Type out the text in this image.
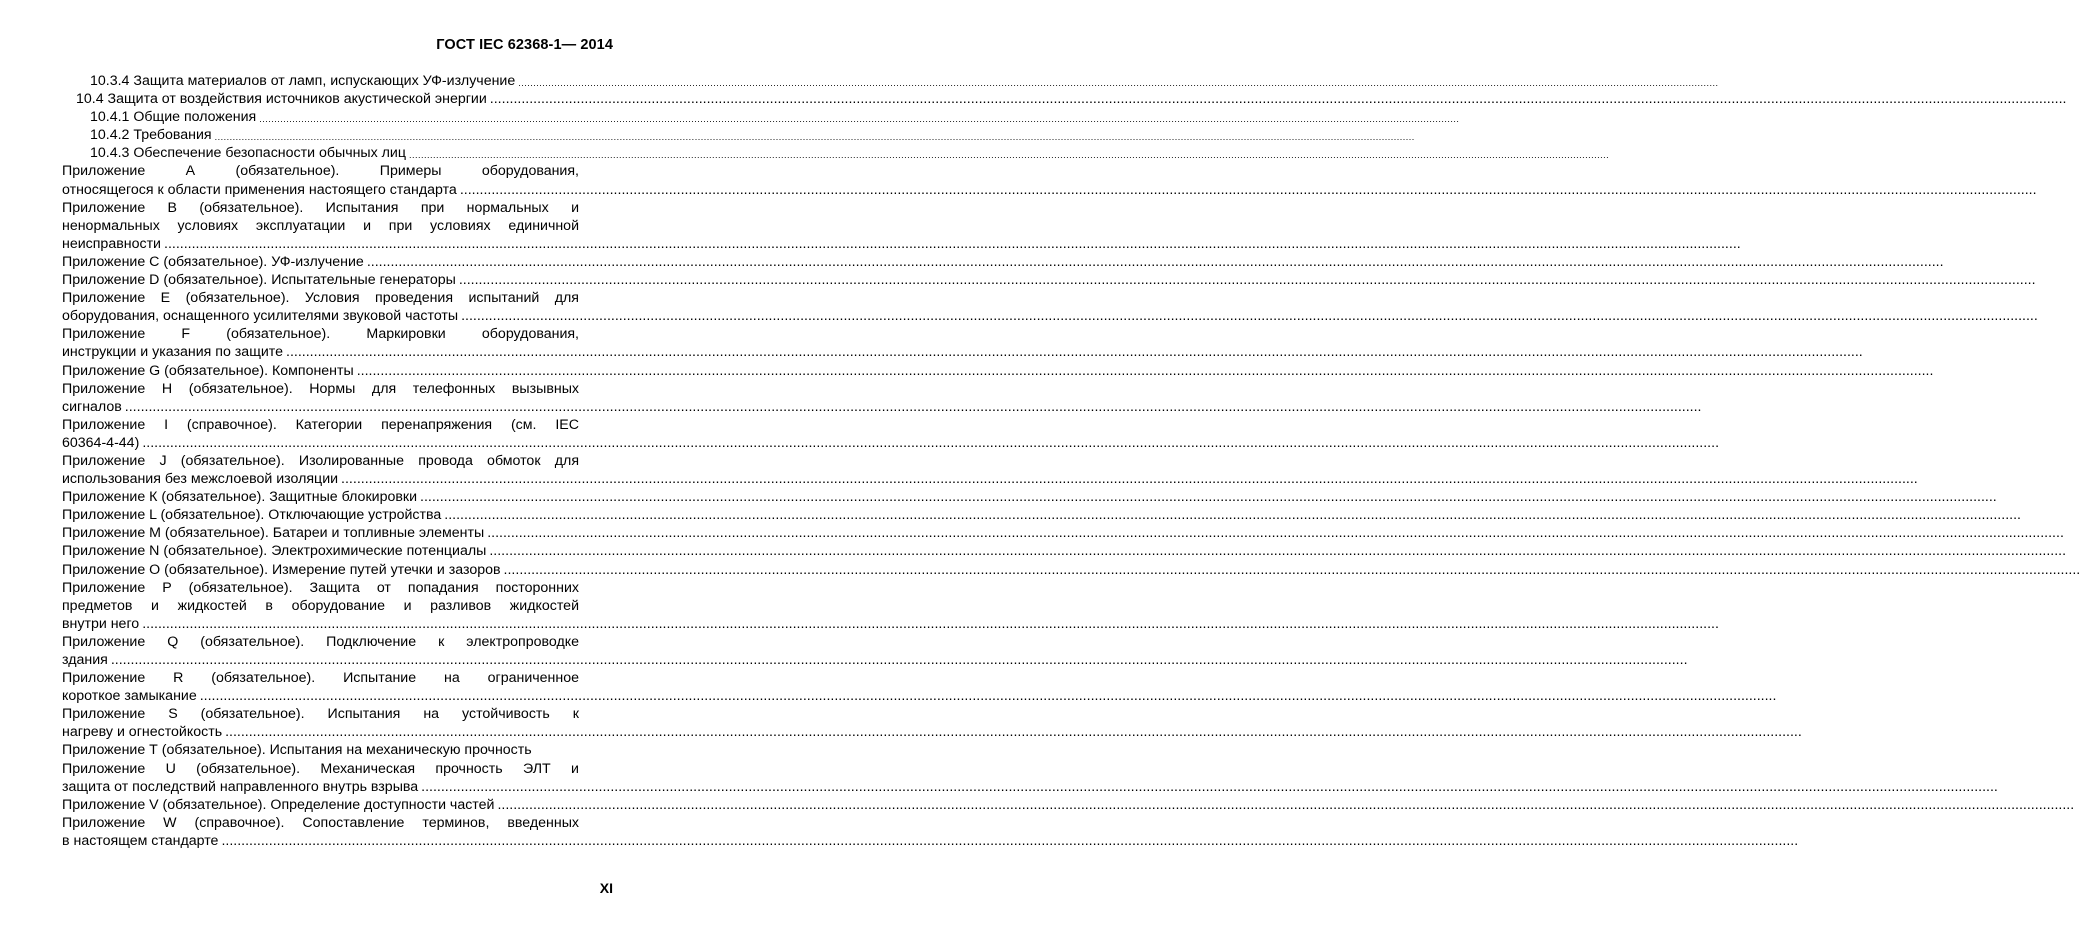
ГОСТ IEC 62368-1— 2014
10.3.4 Защита материалов от ламп, испускающих УФ-излучение ................................................................................................................................................................................................................................................................................................................................................................................................................
10.4 Защита от воздействия источников акустической энергии ................................................................................................................................................................................................................................................................................................................................................................................................................
10.4.1 Общие положения ................................................................................................................................................................................................................................................................................................................................................................................................................
10.4.2 Требования ................................................................................................................................................................................................................................................................................................................................................................................................................
10.4.3 Обеспечение безопасности обычных лиц ................................................................................................................................................................................................................................................................................................................................................................................................................
Приложение А (обязательное). Примеры оборудования,
относящегося к области применения настоящего стандарта ................................................................................................................................................................................................................................................................................................................................................................................................................
Приложение В (обязательное). Испытания при нормальных и
ненормальных условиях эксплуатации и при условиях единичной
неисправности ................................................................................................................................................................................................................................................................................................................................................................................................................
Приложение С (обязательное). УФ-излучение ................................................................................................................................................................................................................................................................................................................................................................................................................
Приложение D (обязательное). Испытательные генераторы ................................................................................................................................................................................................................................................................................................................................................................................................................
Приложение Е (обязательное). Условия проведения испытаний для
оборудования, оснащенного усилителями звуковой частоты ................................................................................................................................................................................................................................................................................................................................................................................................................
Приложение F (обязательное). Маркировки оборудования,
инструкции и указания по защите ................................................................................................................................................................................................................................................................................................................................................................................................................
Приложение G (обязательное). Компоненты ................................................................................................................................................................................................................................................................................................................................................................................................................
Приложение Н (обязательное). Нормы для телефонных вызывных
сигналов ................................................................................................................................................................................................................................................................................................................................................................................................................
Приложение I (справочное). Категории перенапряжения (см. IEC
60364-4-44) ................................................................................................................................................................................................................................................................................................................................................................................................................
Приложение J (обязательное). Изолированные провода обмоток для
использования без межслоевой изоляции ................................................................................................................................................................................................................................................................................................................................................................................................................
Приложение К (обязательное). Защитные блокировки ................................................................................................................................................................................................................................................................................................................................................................................................................
Приложение L (обязательное). Отключающие устройства ................................................................................................................................................................................................................................................................................................................................................................................................................
Приложение М (обязательное). Батареи и топливные элементы ................................................................................................................................................................................................................................................................................................................................................................................................................
Приложение N (обязательное). Электрохимические потенциалы ................................................................................................................................................................................................................................................................................................................................................................................................................
Приложение О (обязательное). Измерение путей утечки и зазоров ................................................................................................................................................................................................................................................................................................................................................................................................................
Приложение Р (обязательное). Защита от попадания посторонних
предметов и жидкостей в оборудование и разливов жидкостей
внутри него ................................................................................................................................................................................................................................................................................................................................................................................................................
Приложение Q (обязательное). Подключение к электропроводке
здания ................................................................................................................................................................................................................................................................................................................................................................................................................
Приложение R (обязательное). Испытание на ограниченное
короткое замыкание ................................................................................................................................................................................................................................................................................................................................................................................................................
Приложение S (обязательное). Испытания на устойчивость к
нагреву и огнестойкость ................................................................................................................................................................................................................................................................................................................................................................................................................
Приложение Т (обязательное). Испытания на механическую прочность
Приложение U (обязательное). Механическая прочность ЭЛТ и
защита от последствий направленного внутрь взрыва ................................................................................................................................................................................................................................................................................................................................................................................................................
Приложение V (обязательное). Определение доступности частей ................................................................................................................................................................................................................................................................................................................................................................................................................
Приложение W (справочное). Сопоставление терминов, введенных
в настоящем стандарте ................................................................................................................................................................................................................................................................................................................................................................................................................
XI
